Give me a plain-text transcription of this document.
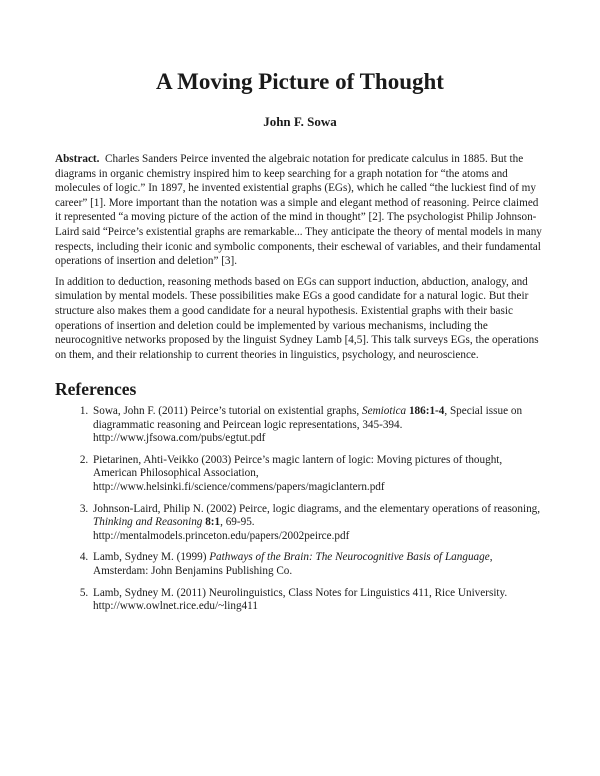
A Moving Picture of Thought
John F. Sowa

Abstract. Charles Sanders Peirce invented the algebraic notation for predicate calculus in 1885. But the diagrams in organic chemistry inspired him to keep searching for a graph notation for “the atoms and molecules of logic.” In 1897, he invented existential graphs (EGs), which he called “the luckiest find of my career” [1]. More important than the notation was a simple and elegant method of reasoning. Peirce claimed it represented “a moving picture of the action of the mind in thought” [2]. The psychologist Philip Johnson-Laird said “Peirce’s existential graphs are remarkable... They anticipate the theory of mental models in many respects, including their iconic and symbolic components, their eschewal of variables, and their fundamental operations of insertion and deletion” [3].

In addition to deduction, reasoning methods based on EGs can support induction, abduction, analogy, and simulation by mental models. These possibilities make EGs a good candidate for a natural logic. But their structure also makes them a good candidate for a neural hypothesis. Existential graphs with their basic operations of insertion and deletion could be implemented by various mechanisms, including the neurocognitive networks proposed by the linguist Sydney Lamb [4,5]. This talk surveys EGs, the operations on them, and their relationship to current theories in linguistics, psychology, and neuroscience.

References
1. Sowa, John F. (2011) Peirce’s tutorial on existential graphs, Semiotica 186:1-4, Special issue on diagrammatic reasoning and Peircean logic representations, 345-394.
http://www.jfsowa.com/pubs/egtut.pdf
2. Pietarinen, Ahti-Veikko (2003) Peirce’s magic lantern of logic: Moving pictures of thought, American Philosophical Association,
http://www.helsinki.fi/science/commens/papers/magiclantern.pdf
3. Johnson-Laird, Philip N. (2002) Peirce, logic diagrams, and the elementary operations of reasoning, Thinking and Reasoning 8:1, 69-95.
http://mentalmodels.princeton.edu/papers/2002peirce.pdf
4. Lamb, Sydney M. (1999) Pathways of the Brain: The Neurocognitive Basis of Language, Amsterdam: John Benjamins Publishing Co.
5. Lamb, Sydney M. (2011) Neurolinguistics, Class Notes for Linguistics 411, Rice University.
http://www.owlnet.rice.edu/~ling411
